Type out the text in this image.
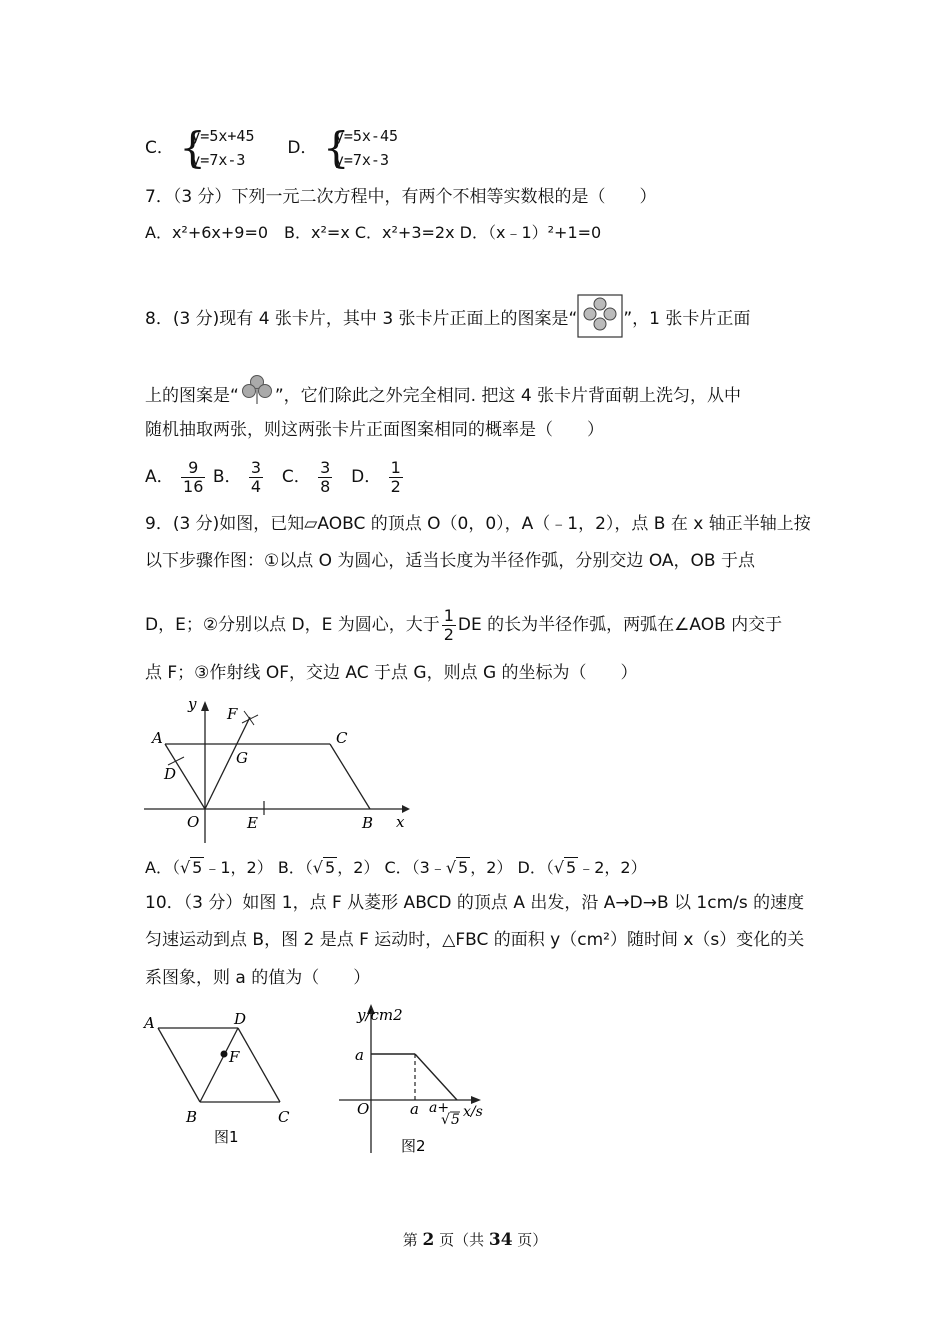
C． {
y=5x+45
y=7x-3
D． {
y=5x-45
y=7x-3
7．（3 分）下列一元二次方程中，有两个不相等实数根的是（　　）
A．x²+6x+9=0　B．x²=x C．x²+3=2x D．（x﹣1）²+1=0
8．(3 分)现有 4 张卡片，其中 3 张卡片正面上的图案是“	”，1 张卡片正面
上的图案是“ ”，它们除此之外完全相同. 把这 4 张卡片背面朝上洗匀，从中
随机抽取两张，则这两张卡片正面图案相同的概率是（　　）
A． $\frac{9}{16}$ B． $\frac{3}{4}$ C． $\frac{3}{8}$ D． $\frac{1}{2}$
9．(3 分)如图，已知▱AOBC 的顶点 O（0，0），A（﹣1，2），点 B 在 x 轴正半轴上按
以下步骤作图：①以点 O 为圆心，适当长度为半径作弧，分别交边 OA，OB 于点
D，E；②分别以点 D，E 为圆心，大于 $\frac{1}{2}$ DE 的长为半径作弧，两弧在∠AOB 内交于
点 F；③作射线 OF，交边 AC 于点 G，则点 G 的坐标为（　　）
y
x
A	C
F
G
D
O	E	B
A．（√ 5 ﹣1，2） B．（√ 5 ，2） C．（3﹣√ 5 ，2） D．（√ 5 ﹣2，2）
10．（3 分）如图 1，点 F 从菱形 ABCD 的顶点 A 出发，沿 A→D→B 以 1cm/s 的速度
匀速运动到点 B，图 2 是点 F 运动时，△FBC 的面积 y（cm²）随时间 x（s）变化的关
系图象，则 a 的值为（　　）
A	D
F
B	C
图1
y/cm2
a
O	a a+
√ 5 x/s
图2
第 2 页（共 34 页）
